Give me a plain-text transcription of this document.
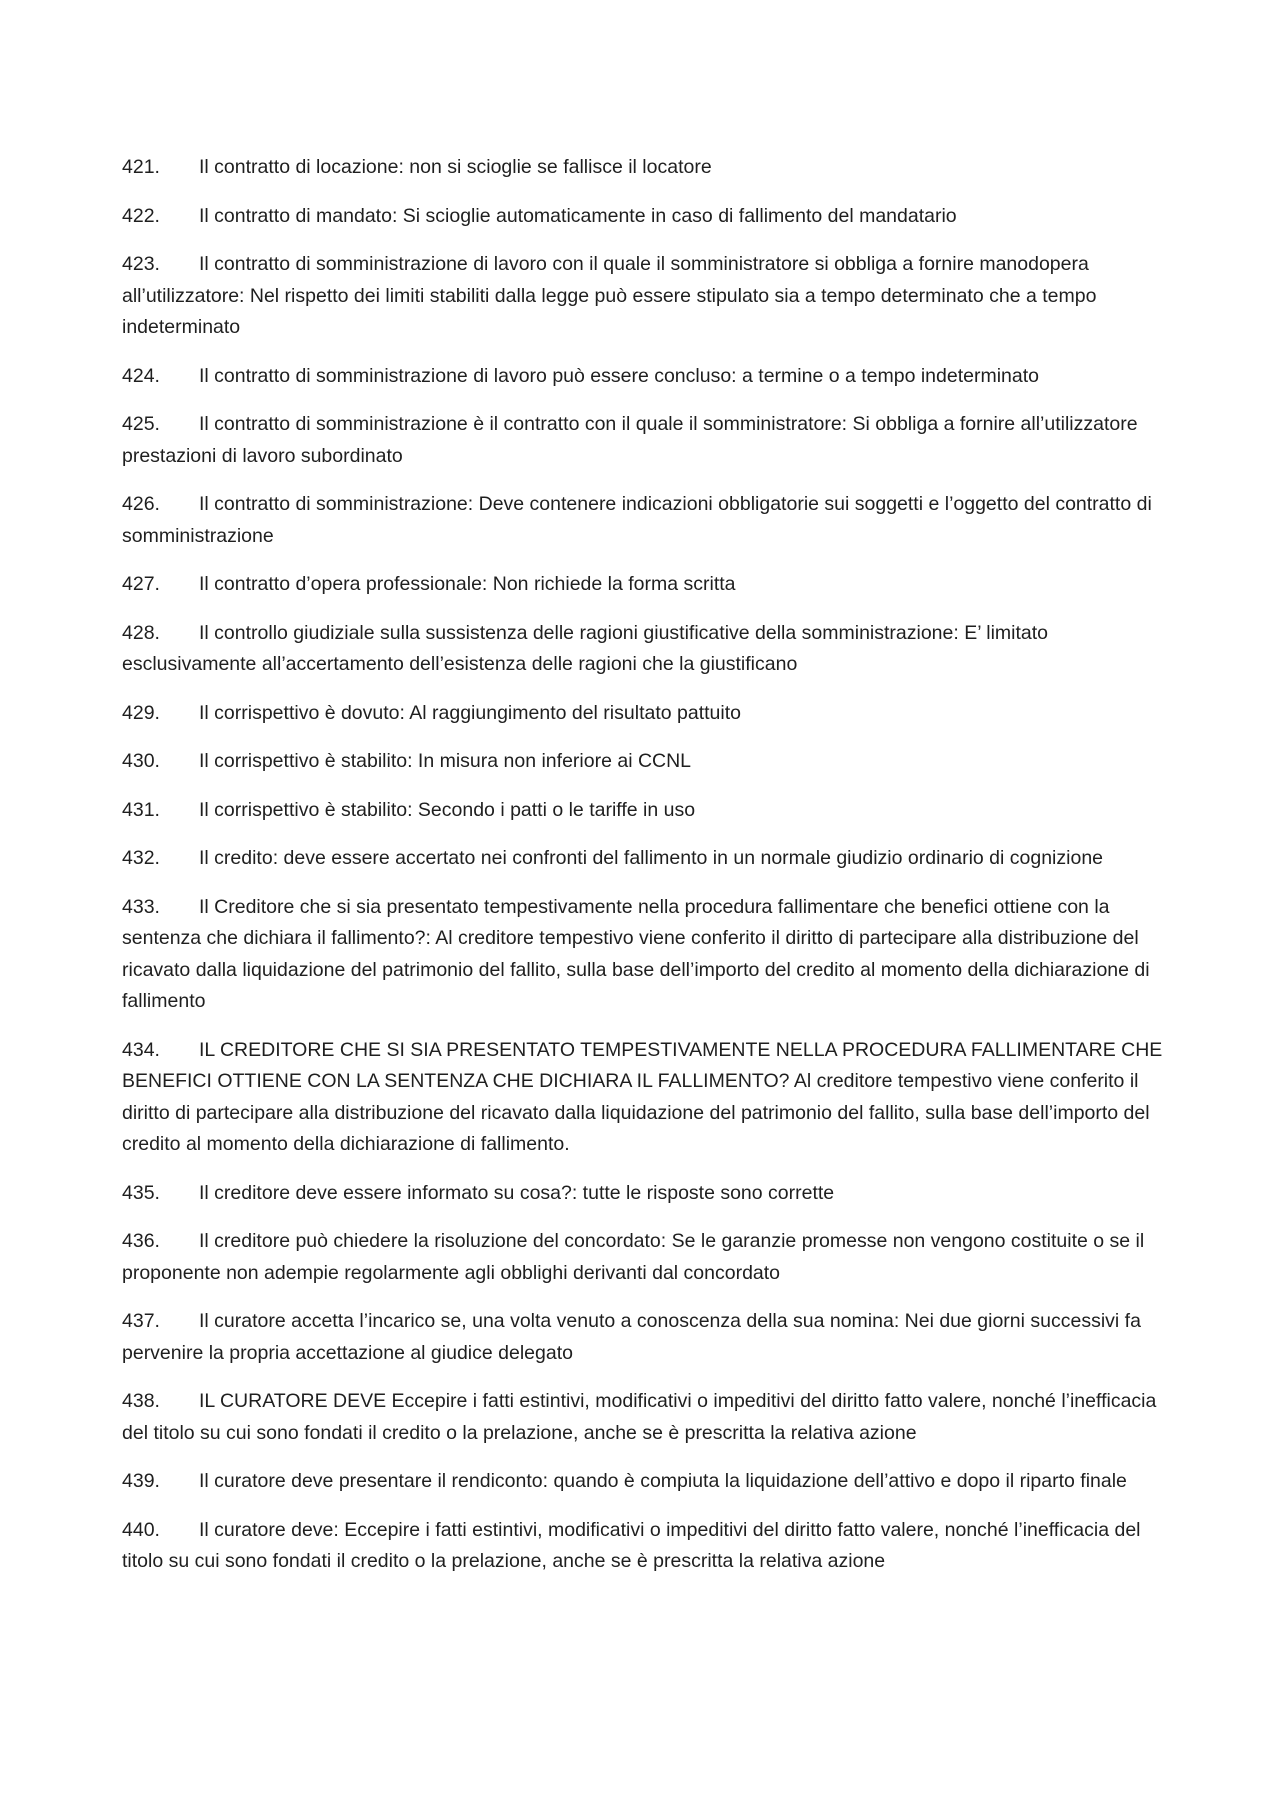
421. Il contratto di locazione: non si scioglie se fallisce il locatore

422. Il contratto di mandato: Si scioglie automaticamente in caso di fallimento del mandatario

423. Il contratto di somministrazione di lavoro con il quale il somministratore si obbliga a fornire manodopera all’utilizzatore: Nel rispetto dei limiti stabiliti dalla legge può essere stipulato sia a tempo determinato che a tempo indeterminato

424. Il contratto di somministrazione di lavoro può essere concluso: a termine o a tempo indeterminato

425. Il contratto di somministrazione è il contratto con il quale il somministratore: Si obbliga a fornire all’utilizzatore prestazioni di lavoro subordinato

426. Il contratto di somministrazione: Deve contenere indicazioni obbligatorie sui soggetti e l’oggetto del contratto di somministrazione

427. Il contratto d’opera professionale: Non richiede la forma scritta

428. Il controllo giudiziale sulla sussistenza delle ragioni giustificative della somministrazione: E’ limitato esclusivamente all’accertamento dell’esistenza delle ragioni che la giustificano

429. Il corrispettivo è dovuto: Al raggiungimento del risultato pattuito

430. Il corrispettivo è stabilito: In misura non inferiore ai CCNL

431. Il corrispettivo è stabilito: Secondo i patti o le tariffe in uso

432. Il credito: deve essere accertato nei confronti del fallimento in un normale giudizio ordinario di cognizione

433. Il Creditore che si sia presentato tempestivamente nella procedura fallimentare che benefici ottiene con la sentenza che dichiara il fallimento?: Al creditore tempestivo viene conferito il diritto di partecipare alla distribuzione del ricavato dalla liquidazione del patrimonio del fallito, sulla base dell’importo del credito al momento della dichiarazione di fallimento

434. IL CREDITORE CHE SI SIA PRESENTATO TEMPESTIVAMENTE NELLA PROCEDURA FALLIMENTARE CHE BENEFICI OTTIENE CON LA SENTENZA CHE DICHIARA IL FALLIMENTO? Al creditore tempestivo viene conferito il diritto di partecipare alla distribuzione del ricavato dalla liquidazione del patrimonio del fallito, sulla base dell’importo del credito al momento della dichiarazione di fallimento.

435. Il creditore deve essere informato su cosa?: tutte le risposte sono corrette

436. Il creditore può chiedere la risoluzione del concordato: Se le garanzie promesse non vengono costituite o se il proponente non adempie regolarmente agli obblighi derivanti dal concordato

437. Il curatore accetta l’incarico se, una volta venuto a conoscenza della sua nomina: Nei due giorni successivi fa pervenire la propria accettazione al giudice delegato

438. IL CURATORE DEVE Eccepire i fatti estintivi, modificativi o impeditivi del diritto fatto valere, nonché l’inefficacia del titolo su cui sono fondati il credito o la prelazione, anche se è prescritta la relativa azione

439. Il curatore deve presentare il rendiconto: quando è compiuta la liquidazione dell’attivo e dopo il riparto finale

440. Il curatore deve: Eccepire i fatti estintivi, modificativi o impeditivi del diritto fatto valere, nonché l’inefficacia del titolo su cui sono fondati il credito o la prelazione, anche se è prescritta la relativa azione
